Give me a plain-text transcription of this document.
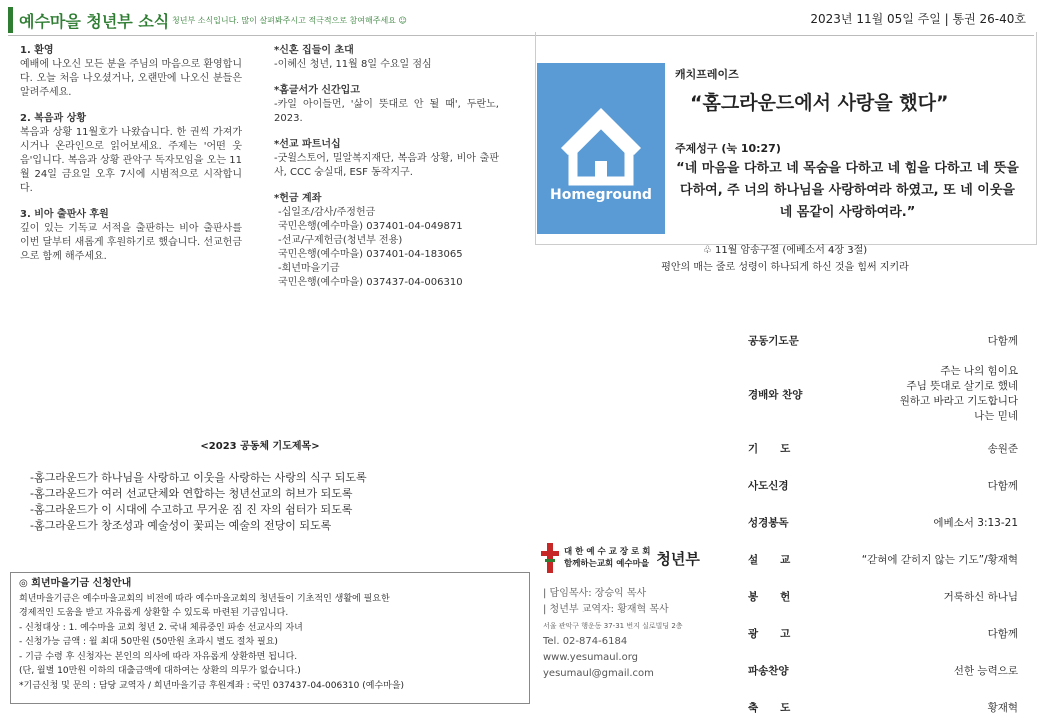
예수마을 청년부 소식 청년부 소식입니다. 많이 살펴봐주시고 적극적으로 참여해주세요 ☺	2023년 11월 05일 주일 | 통권 26-40호
1. 환영

예배에 나오신 모든 분을 주님의 마음으로 환영합니다. 오늘 처음 나오셨거나, 오랜만에 나오신 분들은 알려주세요.

2. 복음과 상황

복음과 상황 11월호가 나왔습니다. 한 권씩 가져가시거나 온라인으로 읽어보세요. 주제는 '어떤 웃음'입니다. 복음과 상황 관악구 독자모임을 오는 11월 24일 금요일 오후 7시에 시범적으로 시작합니다.

3. 비아 출판사 후원

깊이 있는 기독교 서적을 출판하는 비아 출판사를 이번 달부터 새롭게 후원하기로 했습니다. 선교헌금으로 함께 해주세요.

*신혼 집들이 초대

-이혜신 청년, 11월 8일 수요일 점심

*홈글서가 신간입고

-카일 아이들먼, '삶이 뜻대로 안 될 때', 두란노, 2023.

*선교 파트너십

-굿윌스토어, 밀알복지재단, 복음과 상황, 비아 출판사, CCC 숭실대, ESF 동작지구.

*헌금 계좌
-십일조/감사/주정헌금
국민은행(예수마을) 037401-04-049871
-선교/구제헌금(청년부 전용)
국민은행(예수마을) 037401-04-183065
-희년마을기금
국민은행(예수마을) 037437-04-006310
Homeground
캐치프레이즈
“홈그라운드에서 사랑을 했다”
주제성구 (눅 10:27)
“네 마음을 다하고 네 목숨을 다하고 네 힘을 다하고 네 뜻을 다하여, 주 너의 하나님을 사랑하여라 하였고, 또 네 이웃을 네 몸같이 사랑하여라.”
♧ 11월 암송구절 (에베소서 4장 3절)
평안의 매는 줄로 성령이 하나되게 하신 것을 힘써 지키라
<2023 공동체 기도제목>
-홈그라운드가 하나님을 사랑하고 이웃을 사랑하는 사랑의 식구 되도록
-홈그라운드가 여러 선교단체와 연합하는 청년선교의 허브가 되도록
-홈그라운드가 이 시대에 수고하고 무거운 짐 진 자의 쉼터가 되도록
-홈그라운드가 창조성과 예술성이 꽃피는 예술의 전당이 되도록
◎ 희년마을기금 신청안내
희년마을기금은 예수마을교회의 비전에 따라 예수마을교회의 청년들이 기초적인 생활에 필요한
경제적인 도움을 받고 자유롭게 상환할 수 있도록 마련된 기금입니다.
- 신청대상 : 1. 예수마을 교회 청년 2. 국내 체류중인 파송 선교사의 자녀
- 신청가능 금액 : 월 최대 50만원 (50만원 초과시 별도 절차 필요)
- 기금 수령 후 신청자는 본인의 의사에 따라 자유롭게 상환하면 됩니다.
(단, 월별 10만원 이하의 대출금액에 대하여는 상환의 의무가 없습니다.)
*기금신청 및 문의 : 담당 교역자 / 희년마을기금 후원계좌 : 국민 037437-04-006310 (예수마을)
대 한 예 수 교 장 로 회
함께하는교회 예수마을 청년부
| 담임목사: 장승익 목사
| 청년부 교역자: 황재혁 목사
서울 관악구 행운동 37-31 번지 실로빌딩 2층
Tel. 02-874-6184
www.yesumaul.org
yesumaul@gmail.com
공동기도문	다함께
경배와 찬양
주는 나의 힘이요
주님 뜻대로 살기로 했네
원하고 바라고 기도합니다
나는 믿네
기      도	송원준
사도신경	다함께
성경봉독	에베소서 3:13-21
설      교	“갇혀에 갇히지 않는 기도”/황재혁
봉      헌	거룩하신 하나님
광      고	다함께
파송찬양	선한 능력으로
축      도	황재혁
